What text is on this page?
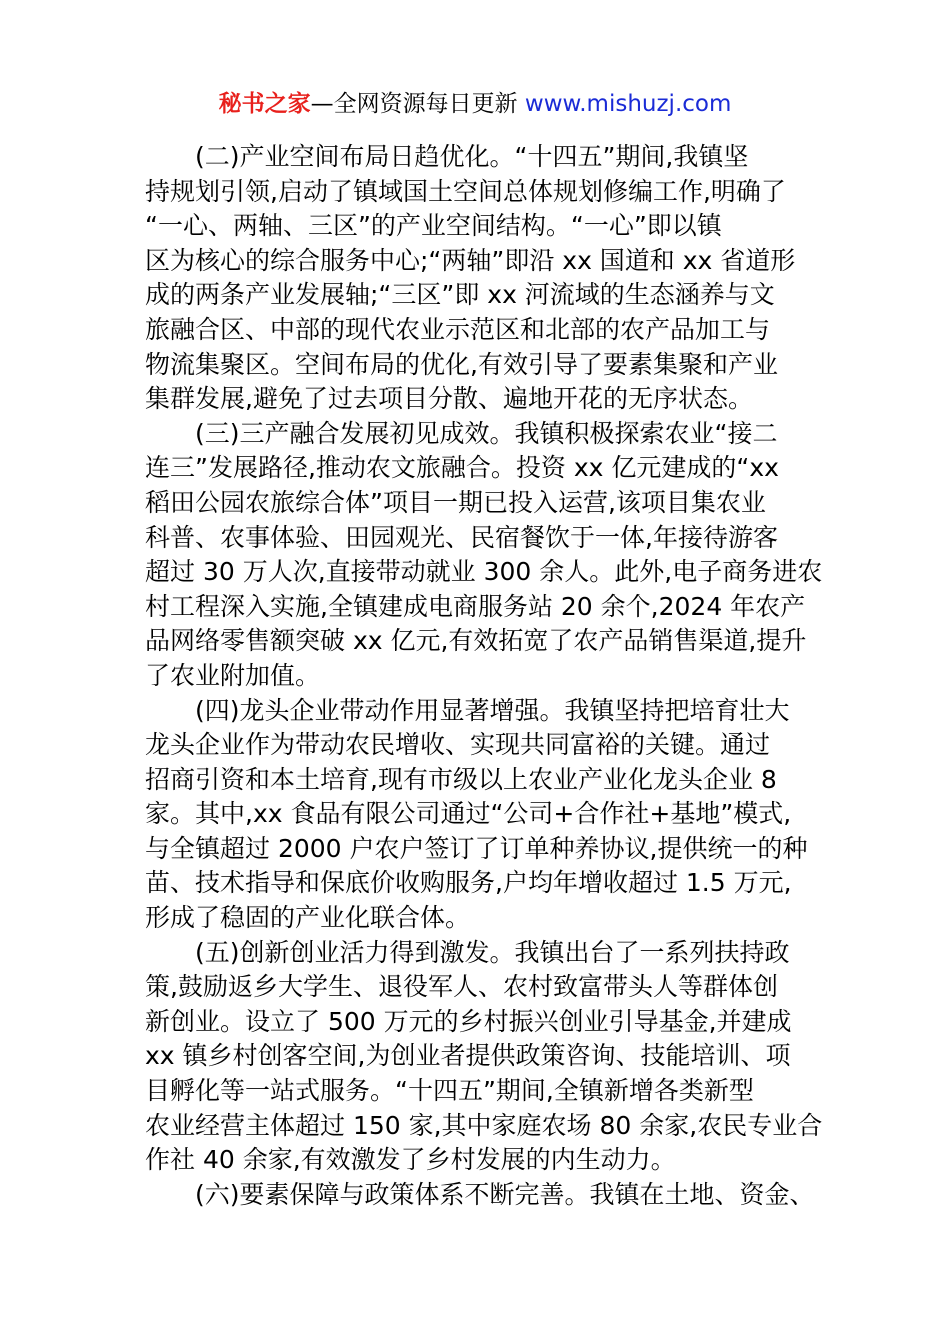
秘书之家—全网资源每日更新 www.mishuzj.com
(二)产业空间布局日趋优化。“十四五”期间,我镇坚
持规划引领,启动了镇域国土空间总体规划修编工作,明确了
“一心、两轴、三区”的产业空间结构。“一心”即以镇
区为核心的综合服务中心;“两轴”即沿 xx 国道和 xx 省道形
成的两条产业发展轴;“三区”即 xx 河流域的生态涵养与文
旅融合区、中部的现代农业示范区和北部的农产品加工与
物流集聚区。空间布局的优化,有效引导了要素集聚和产业
集群发展,避免了过去项目分散、遍地开花的无序状态。
(三)三产融合发展初见成效。我镇积极探索农业“接二
连三”发展路径,推动农文旅融合。投资 xx 亿元建成的“xx
稻田公园农旅综合体”项目一期已投入运营,该项目集农业
科普、农事体验、田园观光、民宿餐饮于一体,年接待游客
超过 30 万人次,直接带动就业 300 余人。此外,电子商务进农
村工程深入实施,全镇建成电商服务站 20 余个,2024 年农产
品网络零售额突破 xx 亿元,有效拓宽了农产品销售渠道,提升
了农业附加值。
(四)龙头企业带动作用显著增强。我镇坚持把培育壮大
龙头企业作为带动农民增收、实现共同富裕的关键。通过
招商引资和本土培育,现有市级以上农业产业化龙头企业 8
家。其中,xx 食品有限公司通过“公司+合作社+基地”模式,
与全镇超过 2000 户农户签订了订单种养协议,提供统一的种
苗、技术指导和保底价收购服务,户均年增收超过 1.5 万元,
形成了稳固的产业化联合体。
(五)创新创业活力得到激发。我镇出台了一系列扶持政
策,鼓励返乡大学生、退役军人、农村致富带头人等群体创
新创业。设立了 500 万元的乡村振兴创业引导基金,并建成
xx 镇乡村创客空间,为创业者提供政策咨询、技能培训、项
目孵化等一站式服务。“十四五”期间,全镇新增各类新型
农业经营主体超过 150 家,其中家庭农场 80 余家,农民专业合
作社 40 余家,有效激发了乡村发展的内生动力。
(六)要素保障与政策体系不断完善。我镇在土地、资金、
